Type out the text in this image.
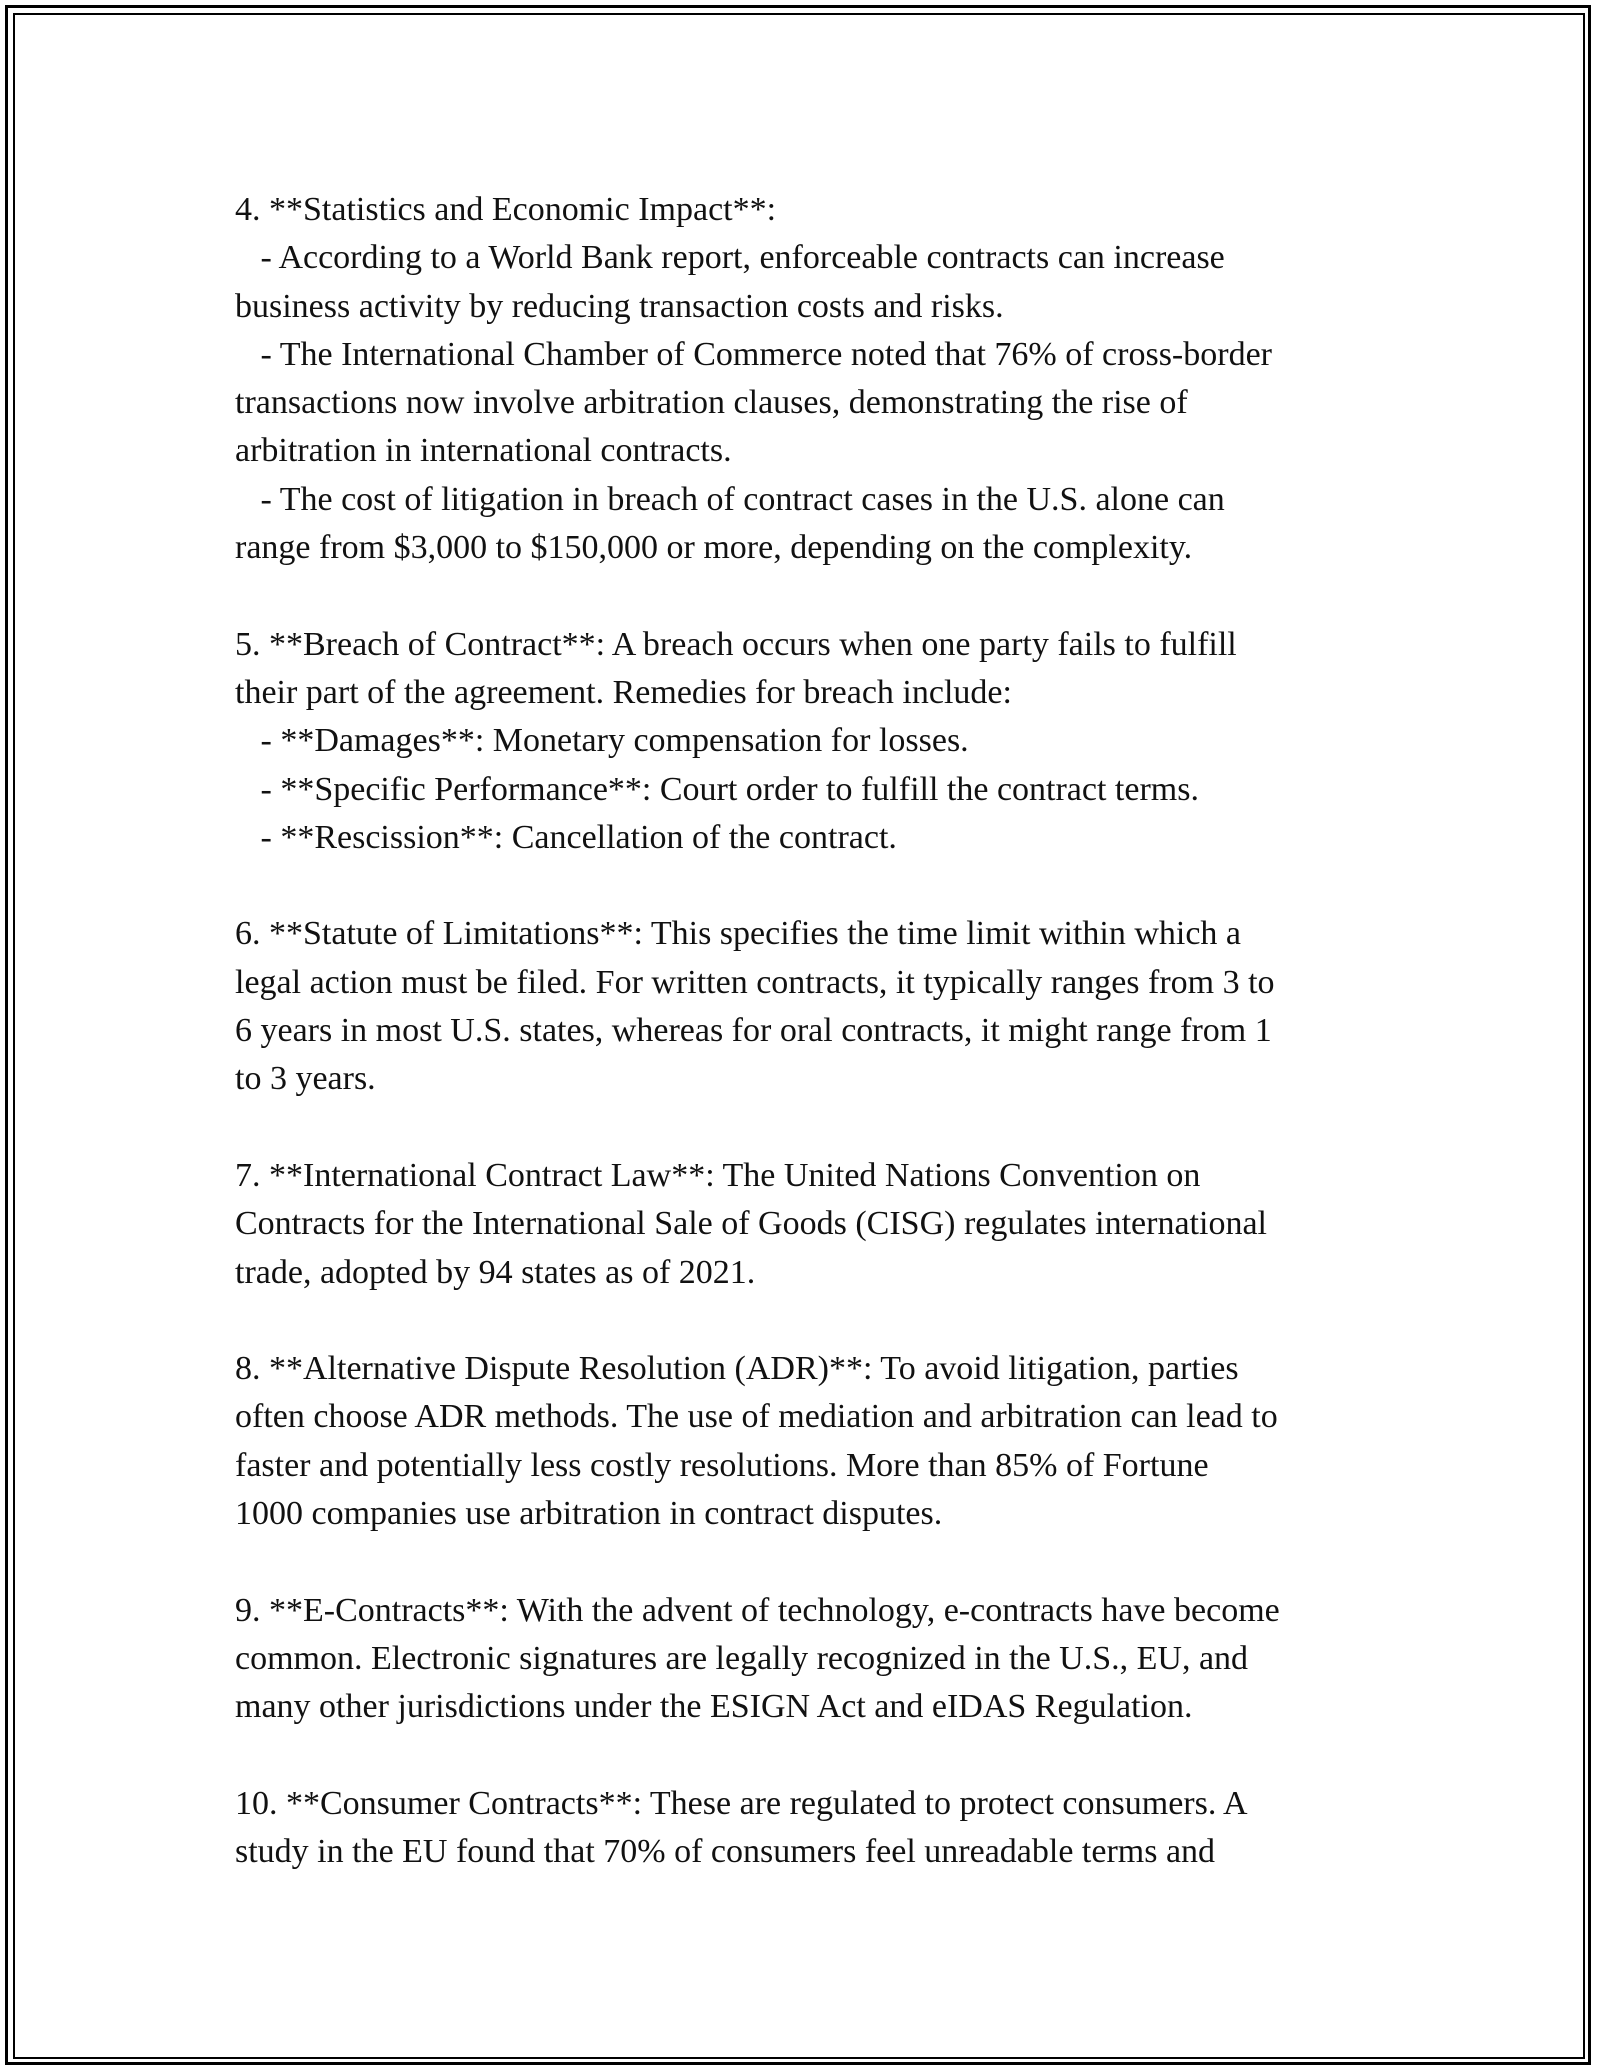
4. **Statistics and Economic Impact**:
- According to a World Bank report, enforceable contracts can increase
business activity by reducing transaction costs and risks.
- The International Chamber of Commerce noted that 76% of cross-border
transactions now involve arbitration clauses, demonstrating the rise of
arbitration in international contracts.
- The cost of litigation in breach of contract cases in the U.S. alone can
range from $3,000 to $150,000 or more, depending on the complexity.
5. **Breach of Contract**: A breach occurs when one party fails to fulfill
their part of the agreement. Remedies for breach include:
- **Damages**: Monetary compensation for losses.
- **Specific Performance**: Court order to fulfill the contract terms.
- **Rescission**: Cancellation of the contract.
6. **Statute of Limitations**: This specifies the time limit within which a
legal action must be filed. For written contracts, it typically ranges from 3 to
6 years in most U.S. states, whereas for oral contracts, it might range from 1
to 3 years.
7. **International Contract Law**: The United Nations Convention on
Contracts for the International Sale of Goods (CISG) regulates international
trade, adopted by 94 states as of 2021.
8. **Alternative Dispute Resolution (ADR)**: To avoid litigation, parties
often choose ADR methods. The use of mediation and arbitration can lead to
faster and potentially less costly resolutions. More than 85% of Fortune
1000 companies use arbitration in contract disputes.
9. **E-Contracts**: With the advent of technology, e-contracts have become
common. Electronic signatures are legally recognized in the U.S., EU, and
many other jurisdictions under the ESIGN Act and eIDAS Regulation.
10. **Consumer Contracts**: These are regulated to protect consumers. A
study in the EU found that 70% of consumers feel unreadable terms and
